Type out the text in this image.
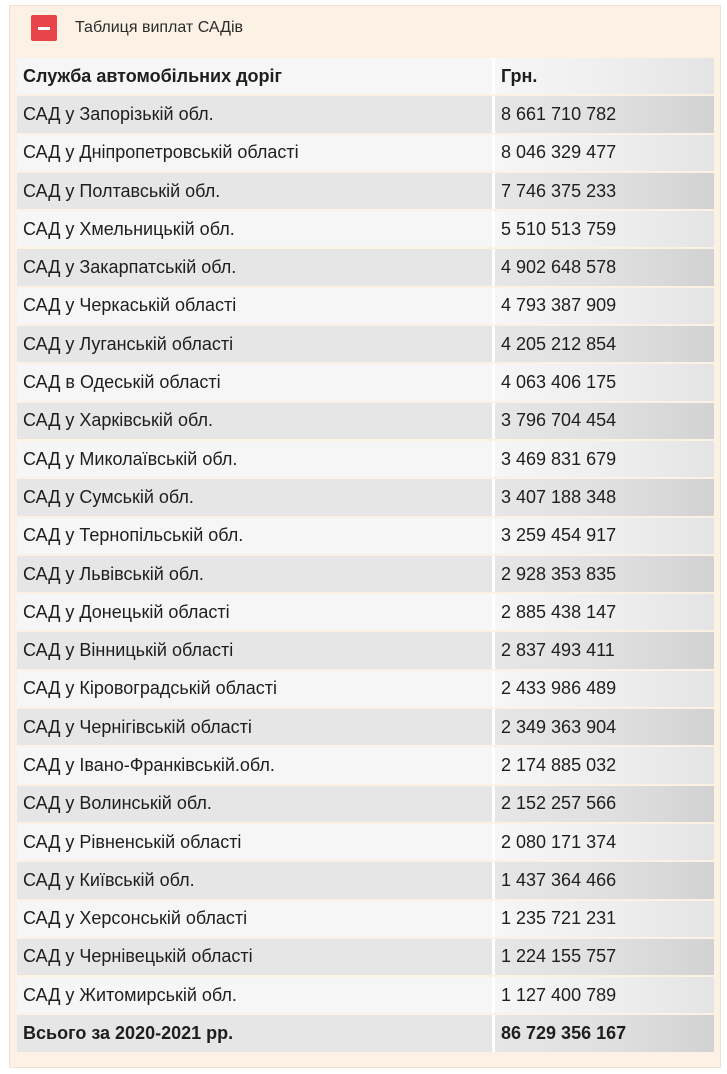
Таблиця виплат САДів
Служба автомобільних доріг	Грн.
САД у Запорізькій обл.	8 661 710 782
САД у Дніпропетровській області	8 046 329 477
САД у Полтавській обл.	7 746 375 233
САД у Хмельницькій обл.	5 510 513 759
САД у Закарпатській обл.	4 902 648 578
САД у Черкаській області	4 793 387 909
САД у Луганській області	4 205 212 854
САД в Одеській області	4 063 406 175
САД у Харківській обл.	3 796 704 454
САД у Миколаївській обл.	3 469 831 679
САД у Сумській обл.	3 407 188 348
САД у Тернопільській обл.	3 259 454 917
САД у Львівській обл.	2 928 353 835
САД у Донецькій області	2 885 438 147
САД у Вінницькій області	2 837 493 411
САД у Кіровоградській області	2 433 986 489
САД у Чернігівській області	2 349 363 904
САД у Івано-Франківській.обл.	2 174 885 032
САД у Волинській обл.	2 152 257 566
САД у Рівненській області	2 080 171 374
САД у Київській обл.	1 437 364 466
САД у Херсонській області	1 235 721 231
САД у Чернівецькій області	1 224 155 757
САД у Житомирській обл.	1 127 400 789
Всього за 2020-2021 рр.	86 729 356 167
